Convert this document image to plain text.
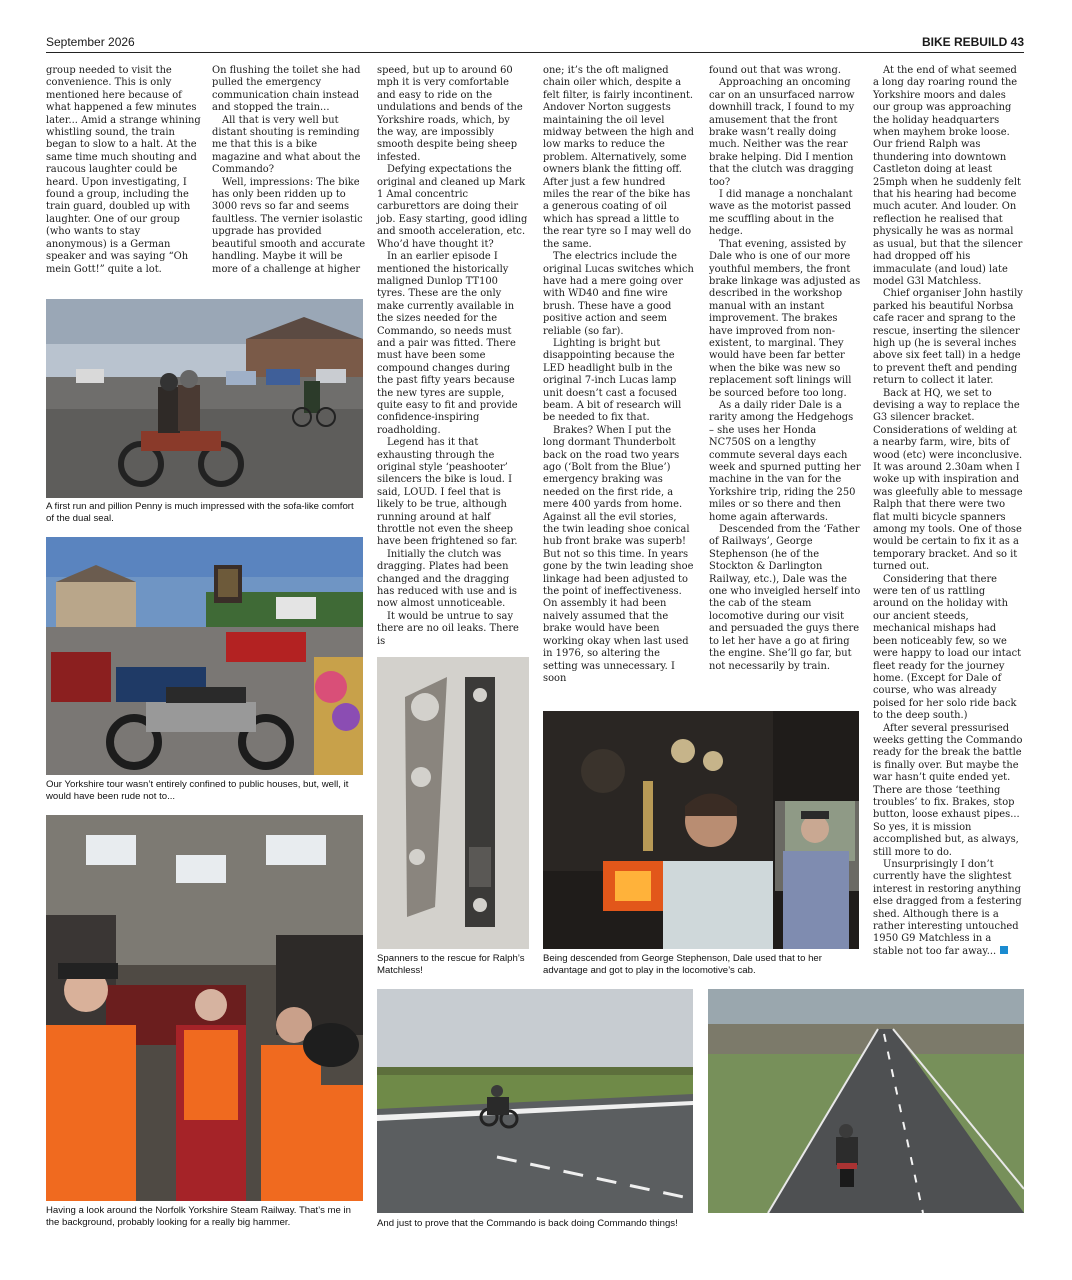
September 2026	BIKE REBUILD 43

group needed to visit the convenience. This is only mentioned here because of what happened a few minutes later... Amid a strange whining whistling sound, the train began to slow to a halt. At the same time much shouting and raucous laughter could be heard. Upon investigating, I found a group, including the train guard, doubled up with laughter. One of our group (who wants to stay anonymous) is a German speaker and was saying “Oh mein Gott!” quite a lot.

On flushing the toilet she had pulled the emergency communication chain instead and stopped the train...

All that is very well but distant shouting is reminding me that this is a bike magazine and what about the Commando?

Well, impressions: The bike has only been ridden up to 3000 revs so far and seems faultless. The vernier isolastic upgrade has provided beautiful smooth and accurate handling. Maybe it will be more of a challenge at higher

speed, but up to around 60 mph it is very comfortable and easy to ride on the undulations and bends of the Yorkshire roads, which, by the way, are impossibly smooth despite being sheep infested.

Defying expectations the original and cleaned up Mark 1 Amal concentric carburettors are doing their job. Easy starting, good idling and smooth acceleration, etc. Who’d have thought it?

In an earlier episode I mentioned the historically maligned Dunlop TT100 tyres. These are the only make currently available in the sizes needed for the Commando, so needs must and a pair was fitted. There must have been some compound changes during the past fifty years because the new tyres are supple, quite easy to fit and provide confidence-inspiring roadholding.

Legend has it that exhausting through the original style ‘peashooter’ silencers the bike is loud. I said, LOUD. I feel that is likely to be true, although running around at half throttle not even the sheep have been frightened so far.

Initially the clutch was dragging. Plates had been changed and the dragging has reduced with use and is now almost unnoticeable.

It would be untrue to say there are no oil leaks. There is

one; it’s the oft maligned chain oiler which, despite a felt filter, is fairly incontinent. Andover Norton suggests maintaining the oil level midway between the high and low marks to reduce the problem. Alternatively, some owners blank the fitting off. After just a few hundred miles the rear of the bike has a generous coating of oil which has spread a little to the rear tyre so I may well do the same.

The electrics include the original Lucas switches which have had a mere going over with WD40 and fine wire brush. These have a good positive action and seem reliable (so far).

Lighting is bright but disappointing because the LED headlight bulb in the original 7-inch Lucas lamp unit doesn’t cast a focused beam. A bit of research will be needed to fix that.

Brakes? When I put the long dormant Thunderbolt back on the road two years ago (‘Bolt from the Blue’) emergency braking was needed on the first ride, a mere 400 yards from home. Against all the evil stories, the twin leading shoe conical hub front brake was superb! But not so this time. In years gone by the twin leading shoe linkage had been adjusted to the point of ineffectiveness. On assembly it had been naively assumed that the brake would have been working okay when last used in 1976, so altering the setting was unnecessary. I soon

found out that was wrong.

Approaching an oncoming car on an unsurfaced narrow downhill track, I found to my amusement that the front brake wasn’t really doing much. Neither was the rear brake helping. Did I mention that the clutch was dragging too?

I did manage a nonchalant wave as the motorist passed me scuffling about in the hedge.

That evening, assisted by Dale who is one of our more youthful members, the front brake linkage was adjusted as described in the workshop manual with an instant improvement. The brakes have improved from non-existent, to marginal. They would have been far better when the bike was new so replacement soft linings will be sourced before too long.

As a daily rider Dale is a rarity among the Hedgehogs – she uses her Honda NC750S on a lengthy commute several days each week and spurned putting her machine in the van for the Yorkshire trip, riding the 250 miles or so there and then home again afterwards.

Descended from the ‘Father of Railways’, George Stephenson (he of the Stockton & Darlington Railway, etc.), Dale was the one who inveigled herself into the cab of the steam locomotive during our visit and persuaded the guys there to let her have a go at firing the engine. She’ll go far, but not necessarily by train.

At the end of what seemed a long day roaring round the Yorkshire moors and dales our group was approaching the holiday headquarters when mayhem broke loose. Our friend Ralph was thundering into downtown Castleton doing at least 25mph when he suddenly felt that his hearing had become much acuter. And louder. On reflection he realised that physically he was as normal as usual, but that the silencer had dropped off his immaculate (and loud) late model G3l Matchless.

Chief organiser John hastily parked his beautiful Norbsa cafe racer and sprang to the rescue, inserting the silencer high up (he is several inches above six feet tall) in a hedge to prevent theft and pending return to collect it later.

Back at HQ, we set to devising a way to replace the G3 silencer bracket. Considerations of welding at a nearby farm, wire, bits of wood (etc) were inconclusive. It was around 2.30am when I woke up with inspiration and was gleefully able to message Ralph that there were two flat multi bicycle spanners among my tools. One of those would be certain to fix it as a temporary bracket. And so it turned out.

Considering that there were ten of us rattling around on the holiday with our ancient steeds, mechanical mishaps had been noticeably few, so we were happy to load our intact fleet ready for the journey home. (Except for Dale of course, who was already poised for her solo ride back to the deep south.)

After several pressurised weeks getting the Commando ready for the break the battle is finally over. But maybe the war hasn’t quite ended yet. There are those ‘teething troubles’ to fix. Brakes, stop button, loose exhaust pipes... So yes, it is mission accomplished but, as always, still more to do.

Unsurprisingly I don’t currently have the slightest interest in restoring anything else dragged from a festering shed. Although there is a rather interesting untouched 1950 G9 Matchless in a stable not too far away...

A first run and pillion Penny is much impressed with the sofa-like comfort of the dual seal.
Our Yorkshire tour wasn’t entirely confined to public houses, but, well, it would have been rude not to...
Having a look around the Norfolk Yorkshire Steam Railway. That’s me in the background, probably looking for a really big hammer.
Spanners to the rescue for Ralph’s Matchless!
Being descended from George Stephenson, Dale used that to her advantage and got to play in the locomotive’s cab.
And just to prove that the Commando is back doing Commando things!
